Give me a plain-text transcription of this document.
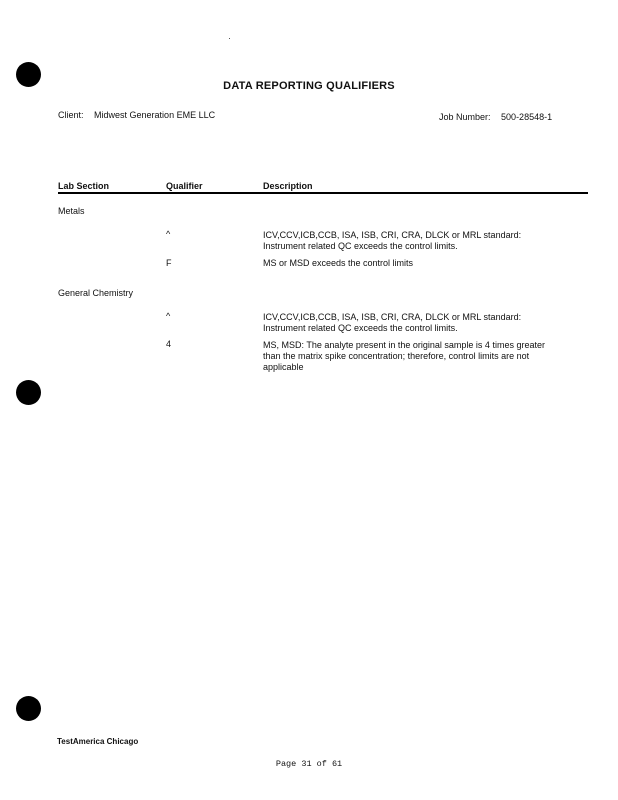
DATA REPORTING QUALIFIERS
Client: Midwest Generation EME LLC	Job Number: 500-28548-1
Lab Section	Qualifier	Description
Metals
^	ICV,CCV,ICB,CCB, ISA, ISB, CRI, CRA, DLCK or MRL standard: Instrument related QC exceeds the control limits.
F	MS or MSD exceeds the control limits
General Chemistry
^	ICV,CCV,ICB,CCB, ISA, ISB, CRI, CRA, DLCK or MRL standard: Instrument related QC exceeds the control limits.
4	MS, MSD: The analyte present in the original sample is 4 times greater than the matrix spike concentration; therefore, control limits are not applicable
TestAmerica Chicago
Page 31 of 61
